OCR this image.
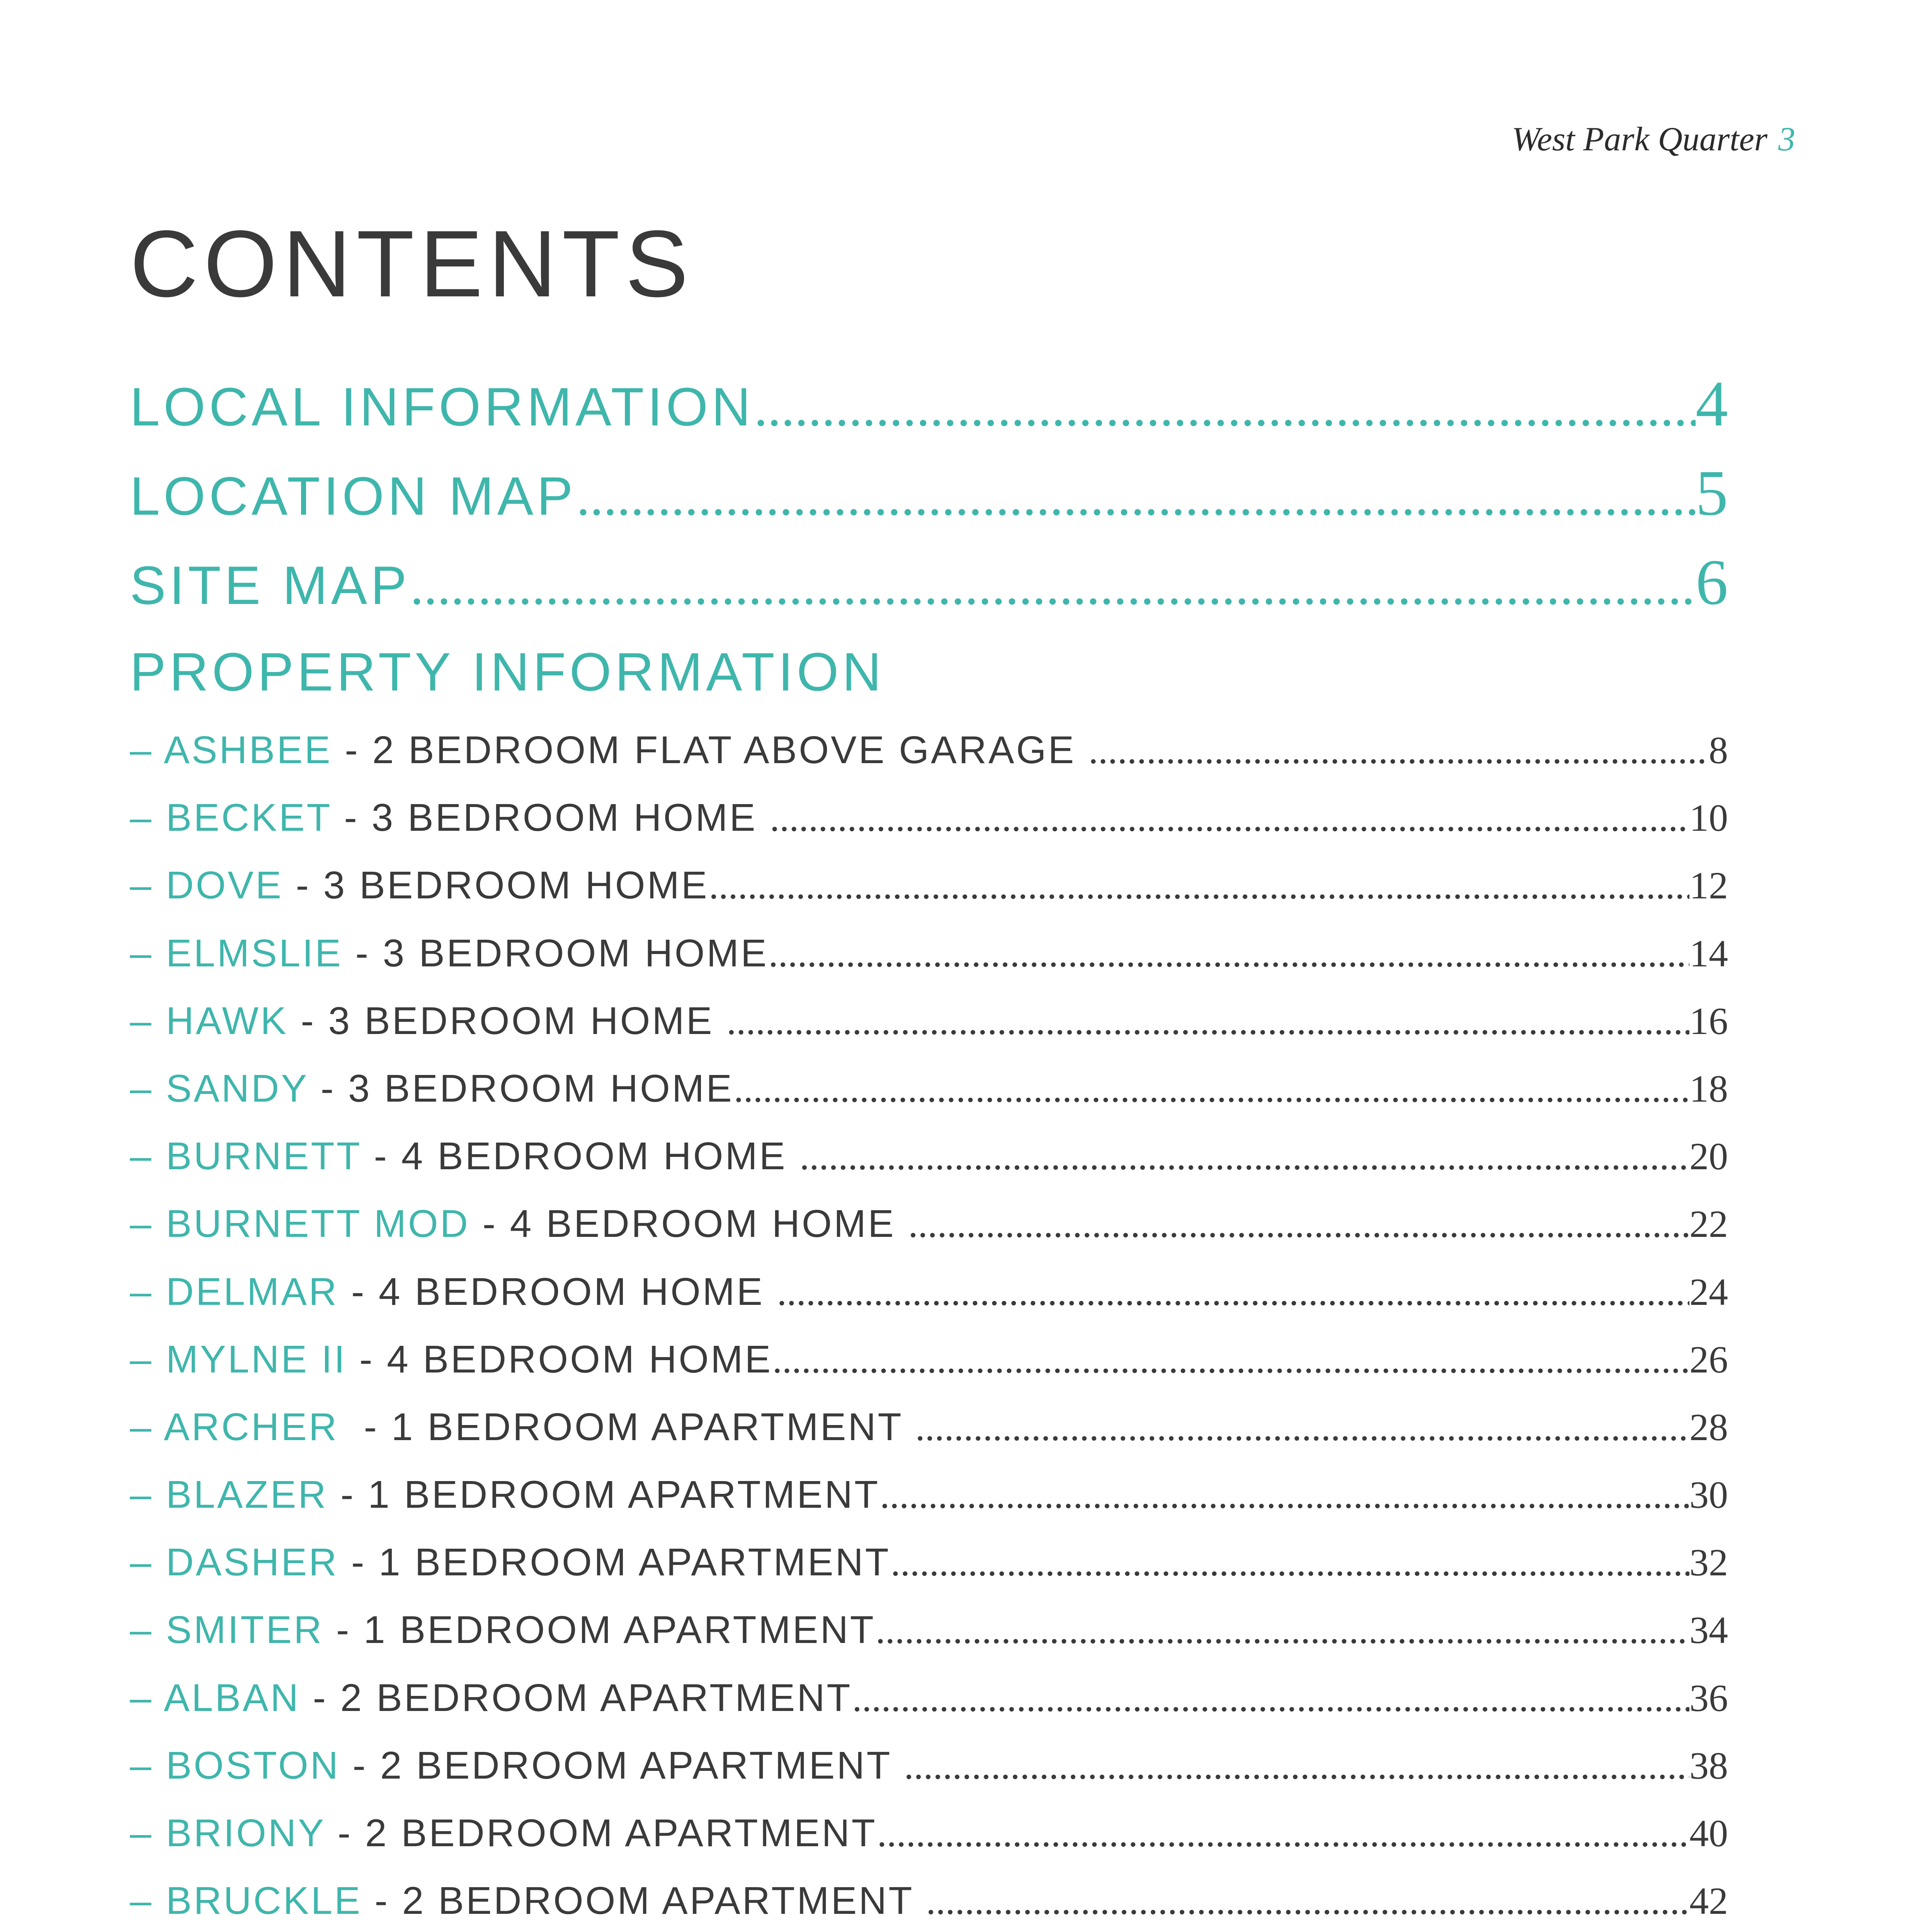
West Park Quarter 3
CONTENTS
LOCAL INFORMATION .....	4
LOCATION MAP .....	5
SITE MAP .....	6
PROPERTY INFORMATION
– ASHBEE - 2 BEDROOM FLAT ABOVE GARAGE .....	8
– BECKET - 3 BEDROOM HOME .....	10
– DOVE - 3 BEDROOM HOME .....	12
– ELMSLIE - 3 BEDROOM HOME .....	14
– HAWK - 3 BEDROOM HOME .....	16
– SANDY - 3 BEDROOM HOME .....	18
– BURNETT - 4 BEDROOM HOME .....	20
– BURNETT MOD - 4 BEDROOM HOME .....	22
– DELMAR - 4 BEDROOM HOME .....	24
– MYLNE II - 4 BEDROOM HOME .....	26
– ARCHER  - 1 BEDROOM APARTMENT .....	28
– BLAZER - 1 BEDROOM APARTMENT .....	30
– DASHER - 1 BEDROOM APARTMENT .....	32
– SMITER - 1 BEDROOM APARTMENT .....	34
– ALBAN - 2 BEDROOM APARTMENT .....	36
– BOSTON - 2 BEDROOM APARTMENT .....	38
– BRIONY - 2 BEDROOM APARTMENT .....	40
– BRUCKLE - 2 BEDROOM APARTMENT .....	42
